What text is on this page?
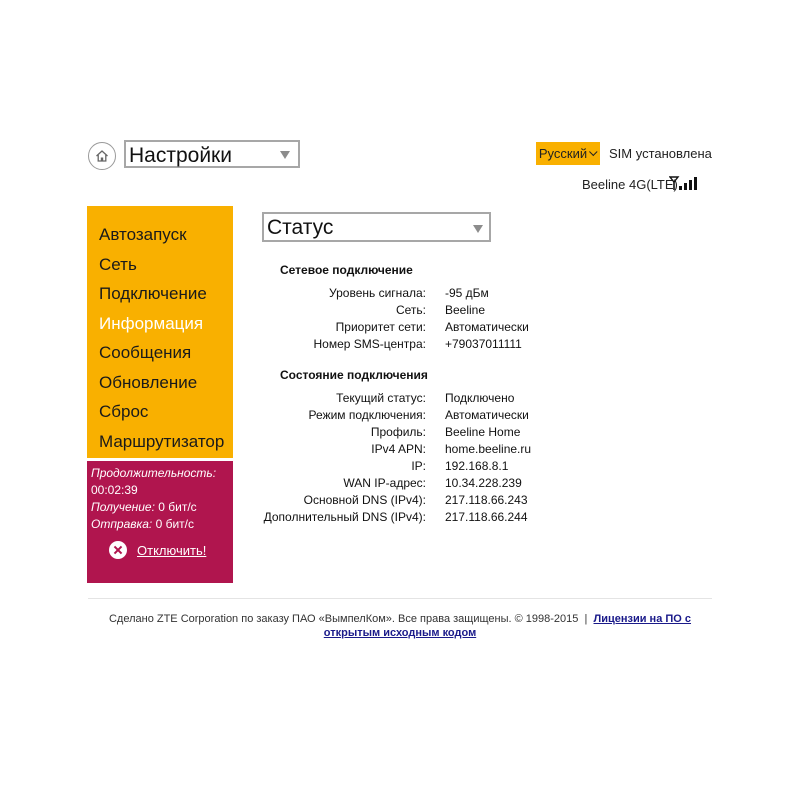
Настройки	Русский SIM установлена
Beeline 4G(LTE)
Автозапуск
Сеть
Подключение
Информация
Сообщения
Обновление
Сброс
Маршрутизатор
Продолжительность:
00:02:39
Получение: 0 бит/с
Отправка: 0 бит/с
Отключить!
Статус
Сетевое подключение
Уровень сигнала: -95 дБм
Сеть: Beeline
Приоритет сети: Автоматически
Номер SMS-центра: +79037011111
Состояние подключения
Текущий статус: Подключено
Режим подключения: Автоматически
Профиль: Beeline Home
IPv4 APN: home.beeline.ru
IP: 192.168.8.1
WAN IP-адрес: 10.34.228.239
Основной DNS (IPv4): 217.118.66.243
Дополнительный DNS (IPv4): 217.118.66.244
Сделано ZTE Corporation по заказу ПАО «ВымпелКом». Все права защищены. © 1998-2015 | Лицензии на ПО с открытым исходным кодом
